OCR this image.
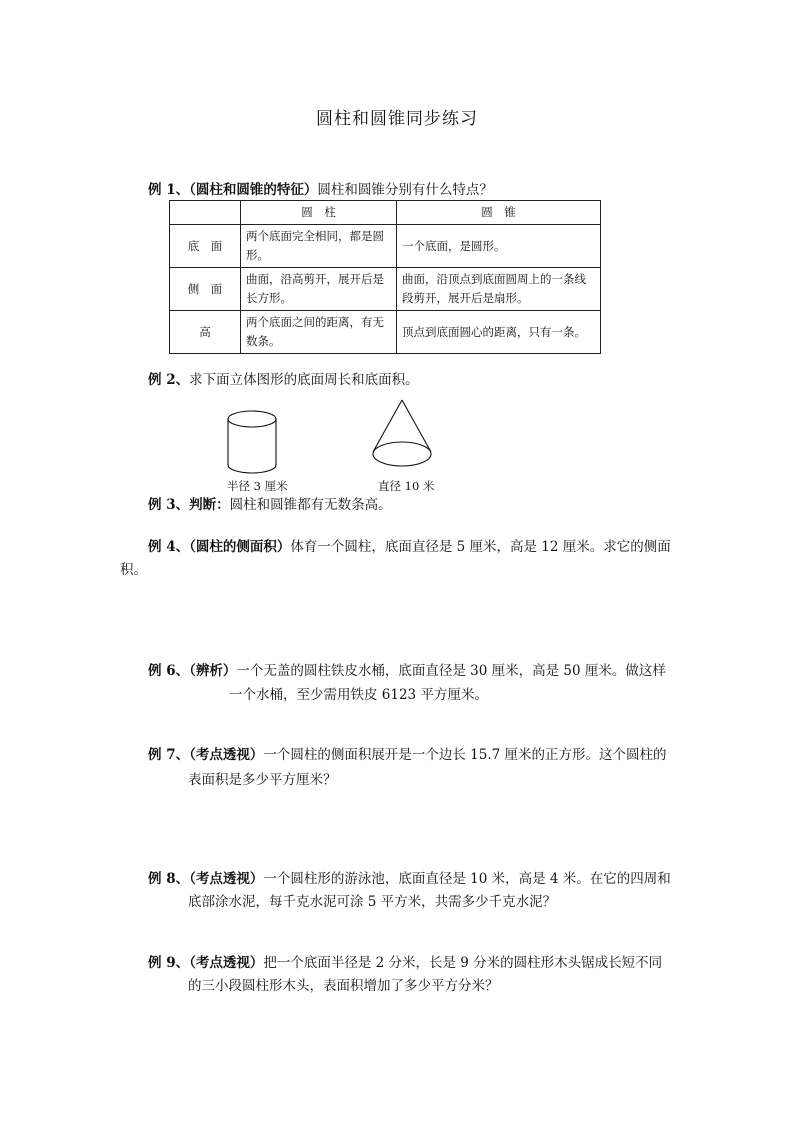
圆柱和圆锥同步练习
例 1、（圆柱和圆锥的特征）圆柱和圆锥分别有什么特点？
	圆　柱	圆　锥
底　面	两个底面完全相同，都是圆形。	一个底面，是圆形。
侧　面	曲面，沿高剪开，展开后是长方形。	曲面，沿顶点到底面圆周上的一条线段剪开，展开后是扇形。
高	两个底面之间的距离，有无数条。	顶点到底面圆心的距离，只有一条。
例 2、求下面立体图形的底面周长和底面积。
半径 3 厘米	直径 10 米
例 3、判断：圆柱和圆锥都有无数条高。
例 4、（圆柱的侧面积）体育一个圆柱，底面直径是 5 厘米，高是 12 厘米。求它的侧面
积。
例 6、（辨析）一个无盖的圆柱铁皮水桶，底面直径是 30 厘米，高是 50 厘米。做这样
一个水桶，至少需用铁皮 6123 平方厘米。
例 7、（考点透视）一个圆柱的侧面积展开是一个边长 15.7 厘米的正方形。这个圆柱的
表面积是多少平方厘米？
例 8、（考点透视）一个圆柱形的游泳池，底面直径是 10 米，高是 4 米。在它的四周和
底部涂水泥，每千克水泥可涂 5 平方米，共需多少千克水泥？
例 9、（考点透视）把一个底面半径是 2 分米，长是 9 分米的圆柱形木头锯成长短不同
的三小段圆柱形木头，表面积增加了多少平方分米？
